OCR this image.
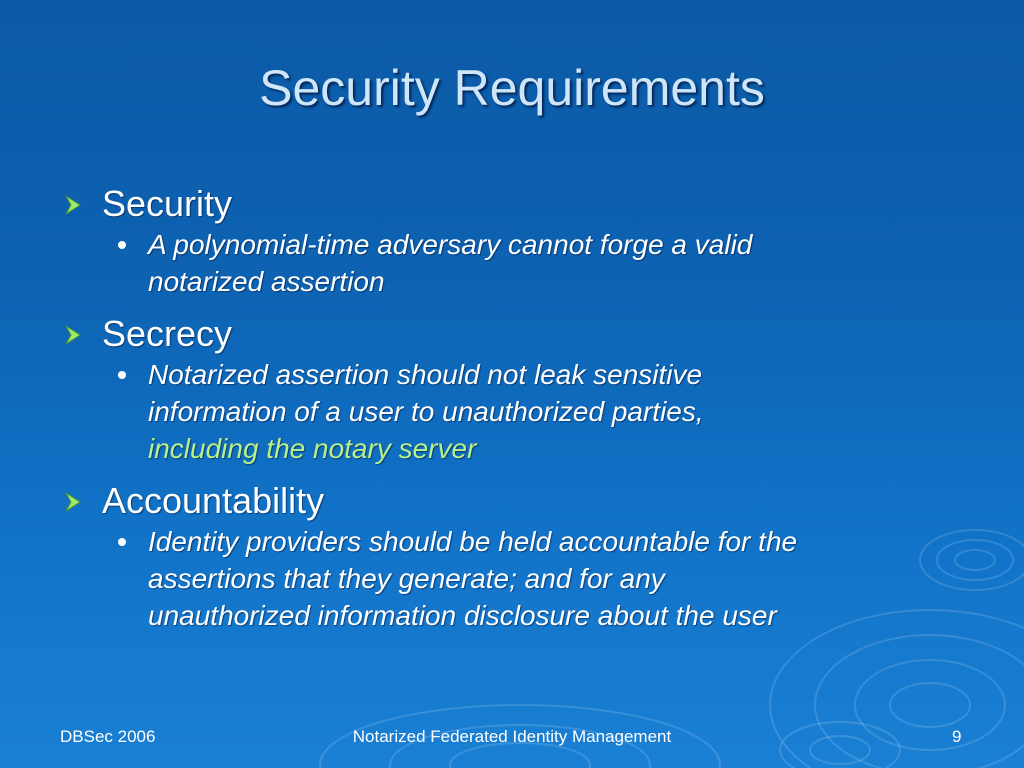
Security Requirements
Security
A polynomial-time adversary cannot forge a valid
notarized assertion
Secrecy
Notarized assertion should not leak sensitive
information of a user to unauthorized parties,
including the notary server
Accountability
Identity providers should be held accountable for the
assertions that they generate; and for any
unauthorized information disclosure about the user
DBSec 2006	Notarized Federated Identity Management	9
